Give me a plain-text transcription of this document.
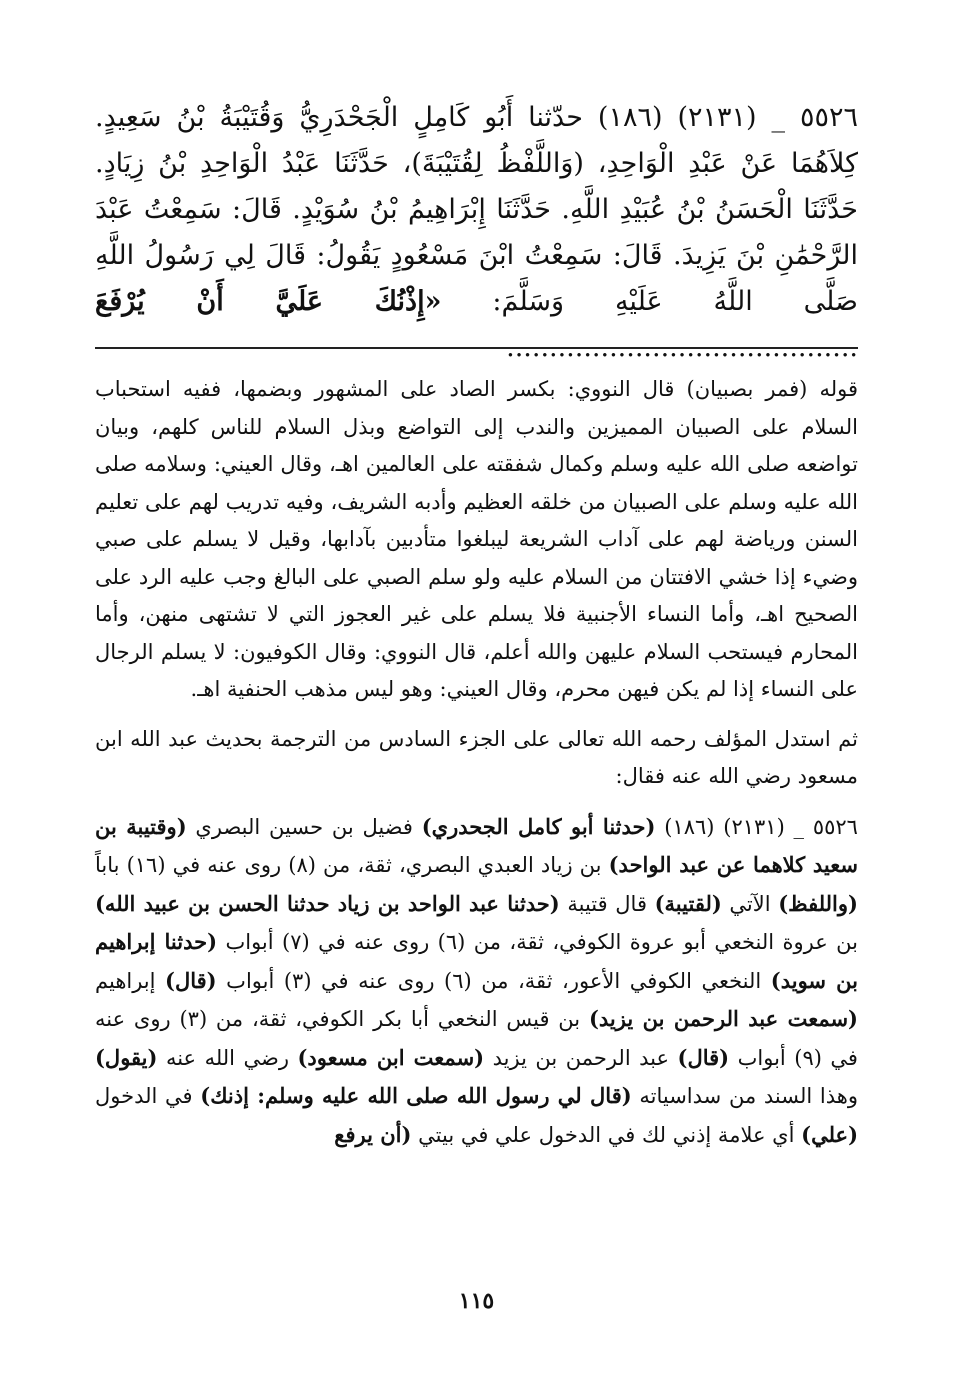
٥٥٢٦ _ (٢١٣١) (١٨٦) حدّثنا أَبُو كَامِلٍ الْجَحْدَرِيُّ وَقُتَيْبَةُ بْنُ سَعِيدٍ. كِلاَهُمَا عَنْ عَبْدِ الْوَاحِدِ، (وَاللَّفْظُ لِقُتَيْبَةَ)، حَدَّثَنَا عَبْدُ الْوَاحِدِ بْنُ زِيَادٍ. حَدَّثَنَا الْحَسَنُ بْنُ عُبَيْدِ اللَّهِ. حَدَّثَنَا إِبْرَاهِيمُ بْنُ سُوَيْدٍ. قَالَ: سَمِعْتُ عَبْدَ الرَّحْمَٰنِ بْنَ يَزِيدَ. قَالَ: سَمِعْتُ ابْنَ مَسْعُودٍ يَقُولُ: قَالَ لِي رَسُولُ اللَّهِ صَلَّى اللَّهُ عَلَيْهِ وَسَلَّمَ: «إِذْنُكَ عَلَيَّ أَنْ يُرْفَعَ .........................................

قوله (فمر بصبيان) قال النووي: بكسر الصاد على المشهور وبضمها، ففيه استحباب السلام على الصبيان المميزين والندب إلى التواضع وبذل السلام للناس كلهم، وبيان تواضعه صلى الله عليه وسلم وكمال شفقته على العالمين اهـ، وقال العيني: وسلامه صلى الله عليه وسلم على الصبيان من خلقه العظيم وأدبه الشريف، وفيه تدريب لهم على تعليم السنن ورياضة لهم على آداب الشريعة ليبلغوا متأدبين بآدابها، وقيل لا يسلم على صبي وضيء إذا خشي الافتتان من السلام عليه ولو سلم الصبي على البالغ وجب عليه الرد على الصحيح اهـ، وأما النساء الأجنبية فلا يسلم على غير العجوز التي لا تشتهى منهن، وأما المحارم فيستحب السلام عليهن والله أعلم، قال النووي: وقال الكوفيون: لا يسلم الرجال على النساء إذا لم يكن فيهن محرم، وقال العيني: وهو ليس مذهب الحنفية اهـ.

ثم استدل المؤلف رحمه الله تعالى على الجزء السادس من الترجمة بحديث عبد الله ابن مسعود رضي الله عنه فقال:

٥٥٢٦ _ (٢١٣١) (١٨٦) (حدثنا أبو كامل الجحدري) فضيل بن حسين البصري (وقتيبة بن سعيد كلاهما عن عبد الواحد) بن زياد العبدي البصري، ثقة، من (٨) روى عنه في (١٦) باباً (واللفظ) الآتي (لقتيبة) قال قتيبة (حدثنا عبد الواحد بن زياد حدثنا الحسن بن عبيد الله) بن عروة النخعي أبو عروة الكوفي، ثقة، من (٦) روى عنه في (٧) أبواب (حدثنا إبراهيم بن سويد) النخعي الكوفي الأعور، ثقة، من (٦) روى عنه في (٣) أبواب (قال) إبراهيم (سمعت عبد الرحمن بن يزيد) بن قيس النخعي أبا بكر الكوفي، ثقة، من (٣) روى عنه في (٩) أبواب (قال) عبد الرحمن بن يزيد (سمعت ابن مسعود) رضي الله عنه (يقول) وهذا السند من سداسياته (قال لي رسول الله صلى الله عليه وسلم: إذنك) في الدخول (علي) أي علامة إذني لك في الدخول علي في بيتي (أن يرفع

١١٥
